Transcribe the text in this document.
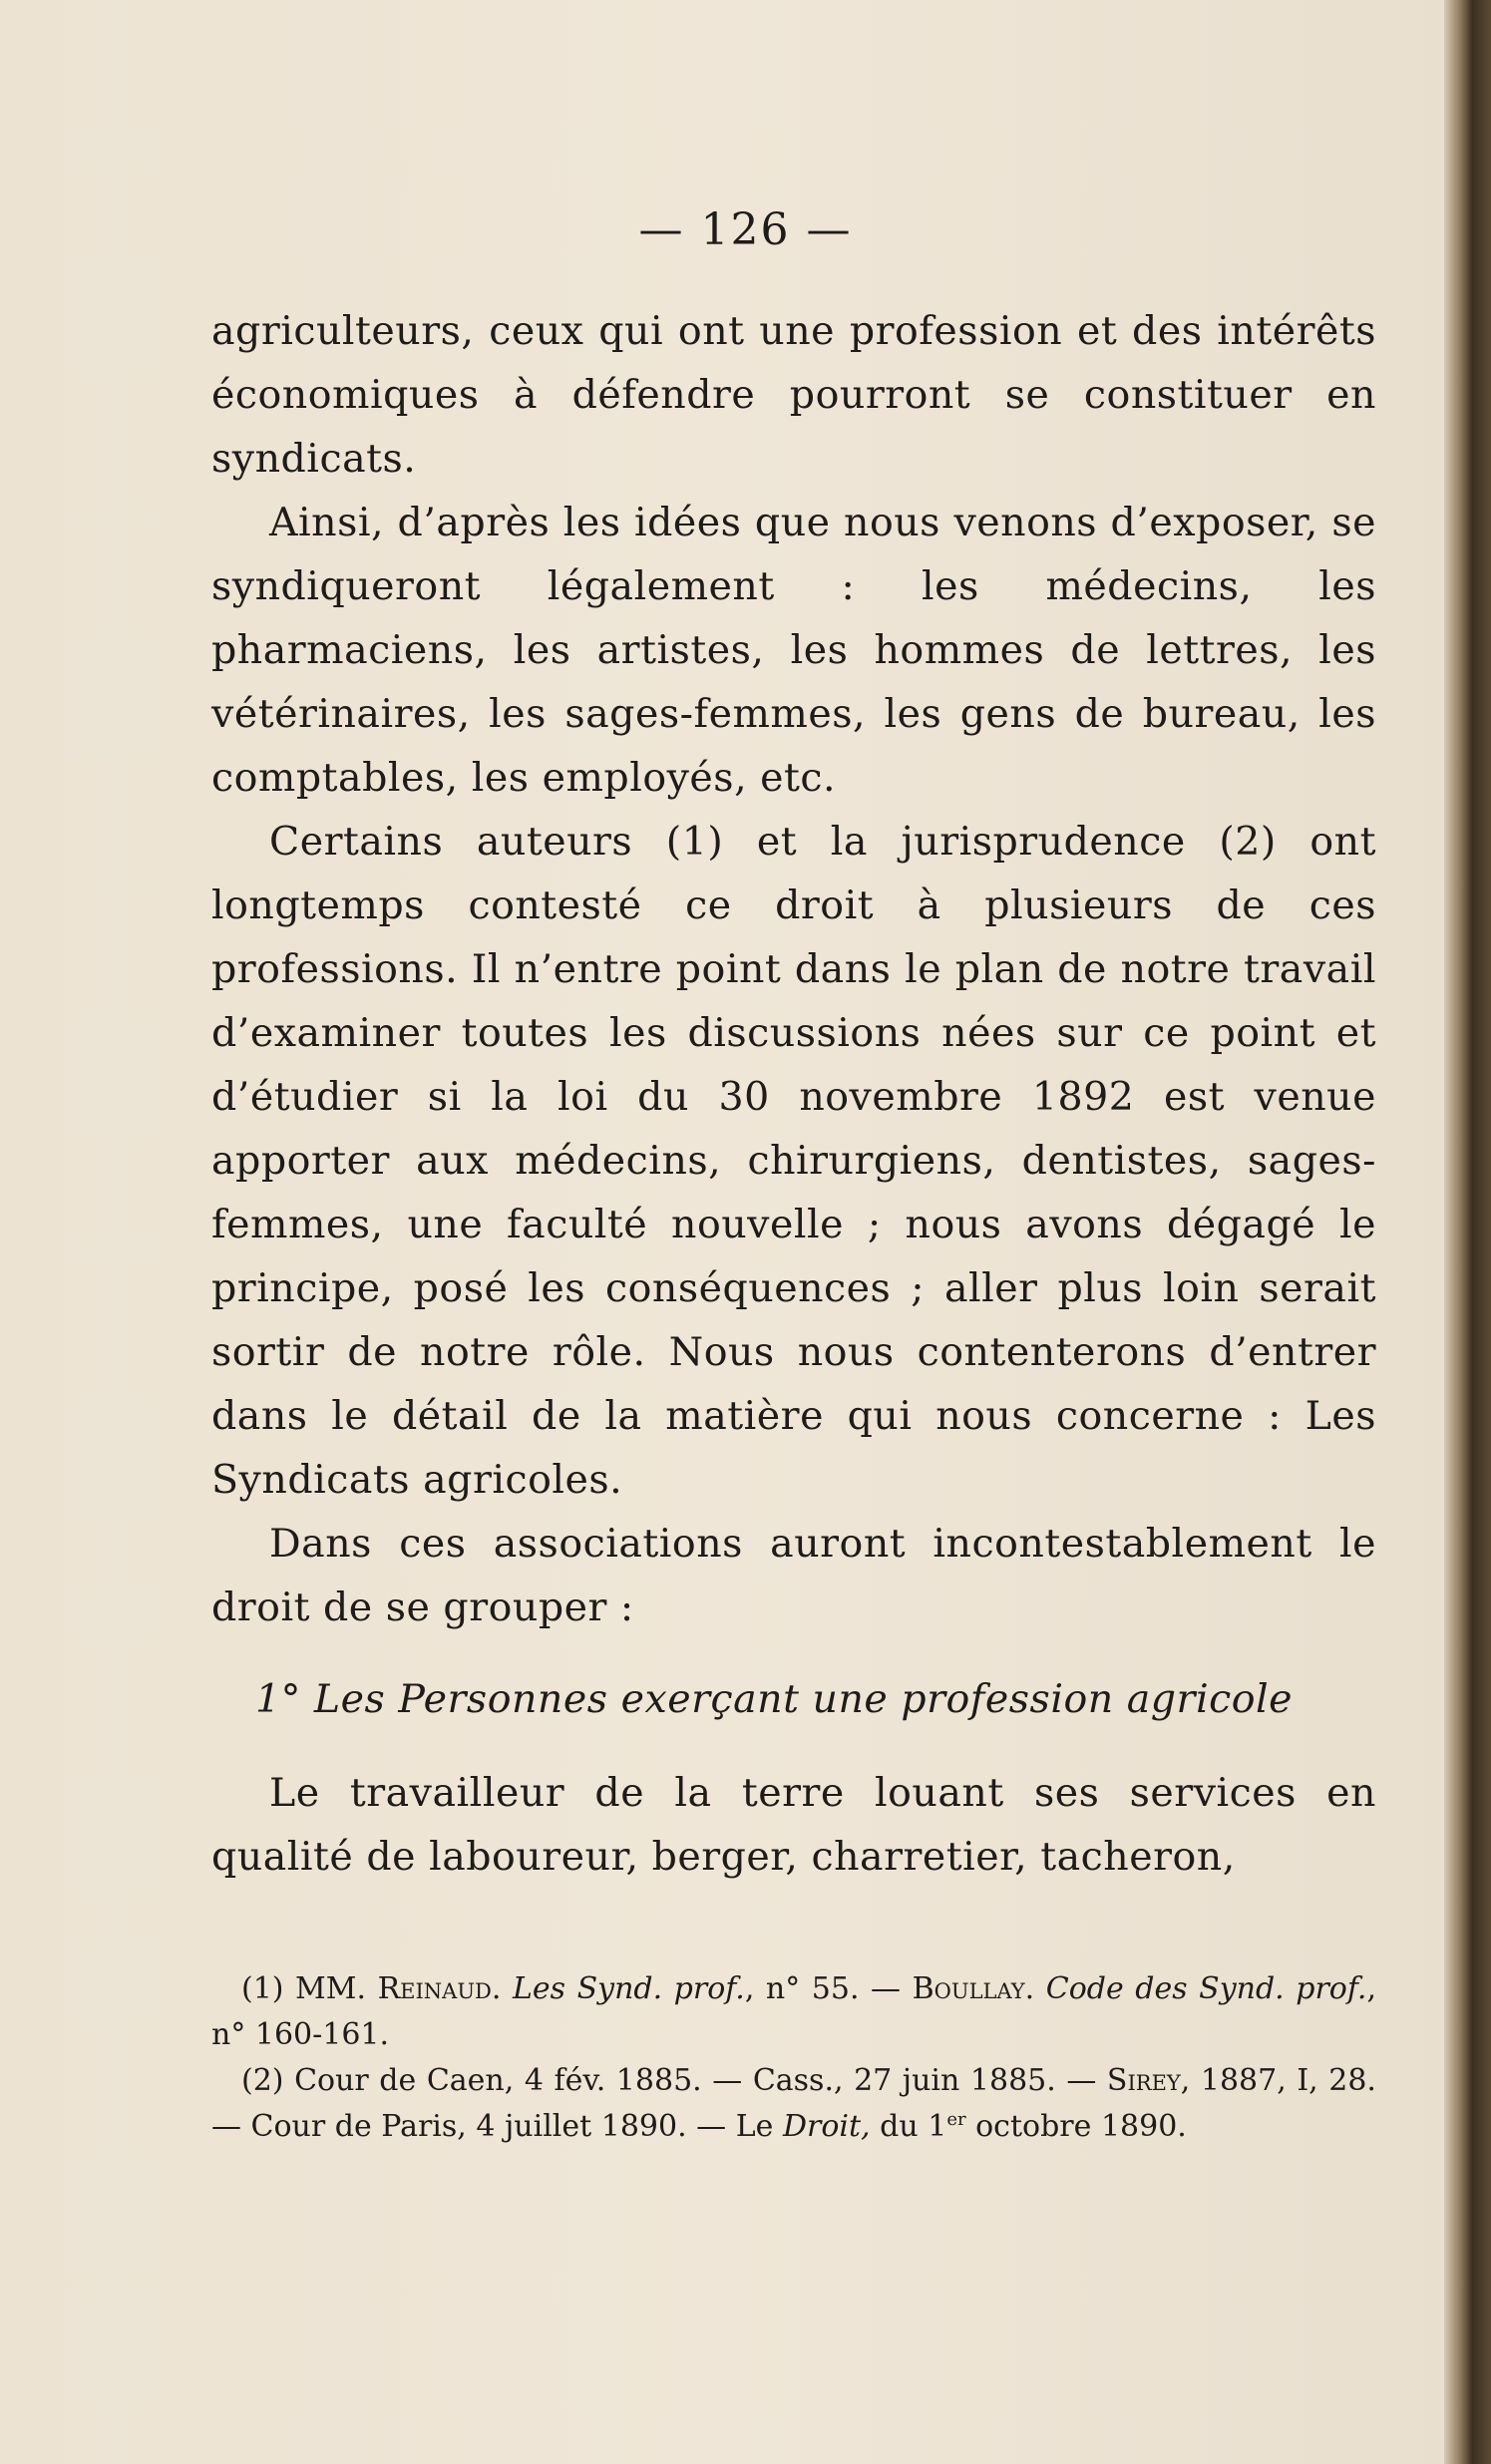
— 126 —

agriculteurs, ceux qui ont une profession et des intérêts économiques à défendre pourront se constituer en syndicats.

Ainsi, d’après les idées que nous venons d’exposer, se syndiqueront légalement : les médecins, les pharmaciens, les artistes, les hommes de lettres, les vétérinaires, les sages-femmes, les gens de bureau, les comptables, les employés, etc.

Certains auteurs (1) et la jurisprudence (2) ont longtemps contesté ce droit à plusieurs de ces professions. Il n’entre point dans le plan de notre travail d’examiner toutes les discussions nées sur ce point et d’étudier si la loi du 30 novembre 1892 est venue apporter aux médecins, chirurgiens, dentistes, sages-femmes, une faculté nouvelle ; nous avons dégagé le principe, posé les conséquences ; aller plus loin serait sortir de notre rôle. Nous nous contenterons d’entrer dans le détail de la matière qui nous concerne : Les Syndicats agricoles.

Dans ces associations auront incontestablement le droit de se grouper :

1° Les Personnes exerçant une profession agricole

Le travailleur de la terre louant ses services en qualité de laboureur, berger, charretier, tacheron,

(1) MM. Reinaud. Les Synd. prof., n° 55. — Boullay. Code des Synd. prof., n° 160-161.

(2) Cour de Caen, 4 fév. 1885. — Cass., 27 juin 1885. — Sirey, 1887, I, 28. — Cour de Paris, 4 juillet 1890. — Le Droit, du 1er octobre 1890.
